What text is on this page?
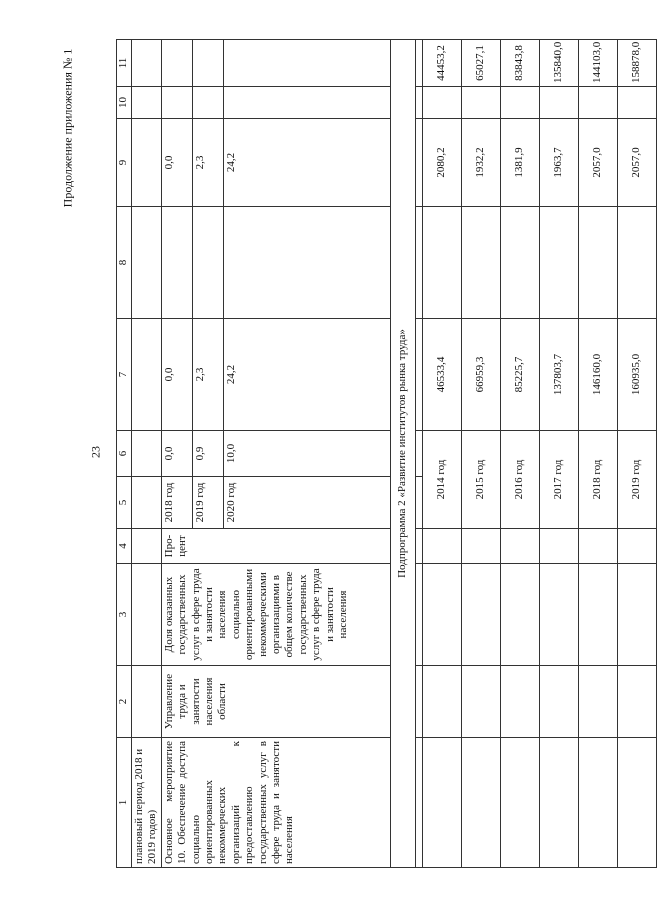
23
Продолжение приложения № 1
1	2	3	4	5	6	7	8	9	10	11
плановый период 2018 и 2019 годов)										
Основное мероприятие 10. Обеспечение доступа социально ориентированных некоммерческих организаций к предоставлению государственных услуг в сфере труда и занятости населения	Управление труда и занятости населения области	Доля оказанных государственных услуг в сфере труда и занятости населения социально ориентированными некоммерческими организациями в общем количестве государственных услуг в сфере труда и занятости населения	Про-цент	2018 год	0,0	0,0		0,0		
				2019 год	0,9	2,3		2,3		
				2020 год	10,0	24,2		24,2		

Подпрограмма 2 «Развитие институтов рынка труда»										

				2014 год		46533,4		2080,2		44453,2
				2015 год		66959,3		1932,2		65027,1
				2016 год		85225,7		1381,9		83843,8
				2017 год		137803,7		1963,7		135840,0
				2018 год		146160,0		2057,0		144103,0
				2019 год		160935,0		2057,0		158878,0
